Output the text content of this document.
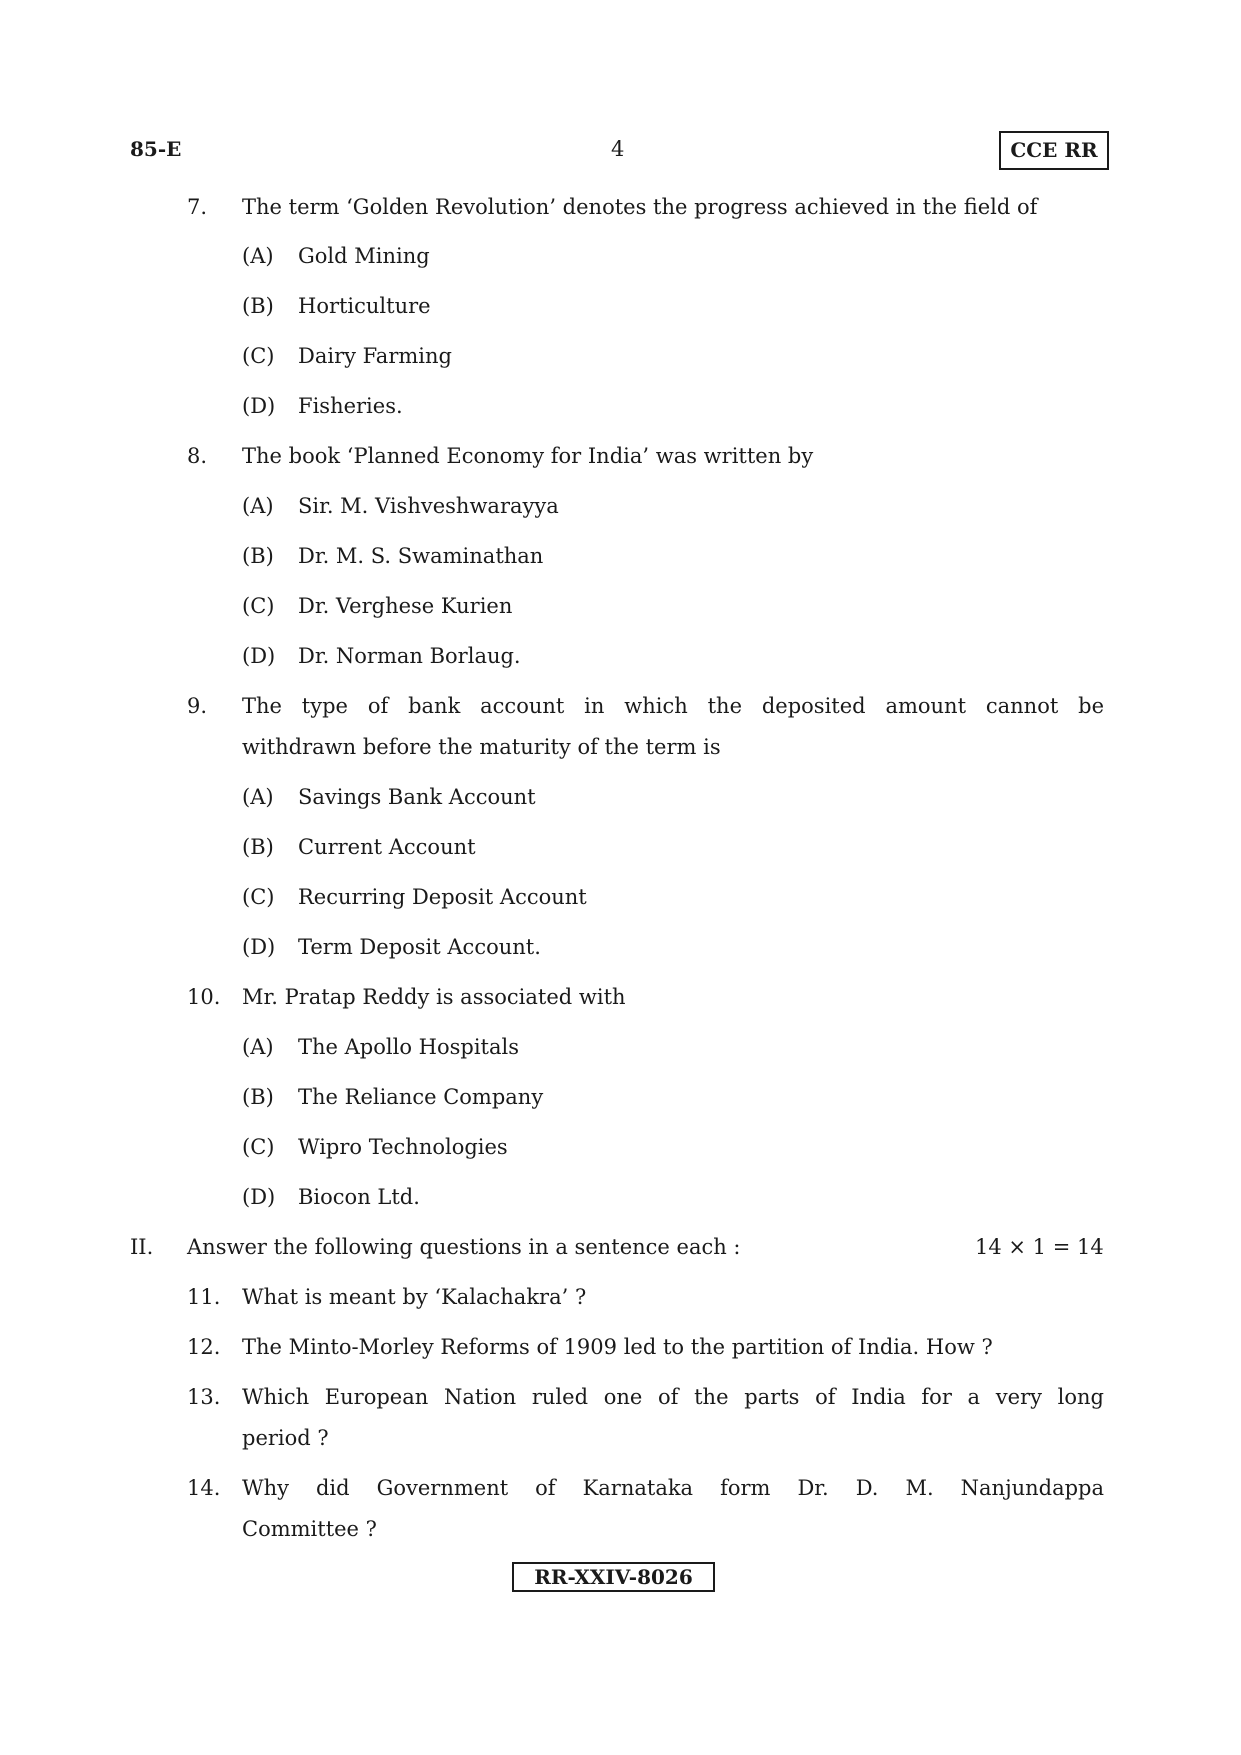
85-E	4	CCE RR
7. The term ‘Golden Revolution’ denotes the progress achieved in the field of
(A) Gold Mining
(B) Horticulture
(C) Dairy Farming
(D) Fisheries.
8. The book ‘Planned Economy for India’ was written by
(A) Sir. M. Vishveshwarayya
(B) Dr. M. S. Swaminathan
(C) Dr. Verghese Kurien
(D) Dr. Norman Borlaug.
9. The type of bank account in which the deposited amount cannot be
withdrawn before the maturity of the term is
(A) Savings Bank Account
(B) Current Account
(C) Recurring Deposit Account
(D) Term Deposit Account.
10. Mr. Pratap Reddy is associated with
(A) The Apollo Hospitals
(B) The Reliance Company
(C) Wipro Technologies
(D) Biocon Ltd.
II. Answer the following questions in a sentence each :	14 × 1 = 14
11. What is meant by ‘Kalachakra’ ?
12. The Minto-Morley Reforms of 1909 led to the partition of India. How ?
13. Which European Nation ruled one of the parts of India for a very long
period ?
14. Why did Government of Karnataka form Dr. D. M. Nanjundappa
Committee ?
RR-XXIV-8026
